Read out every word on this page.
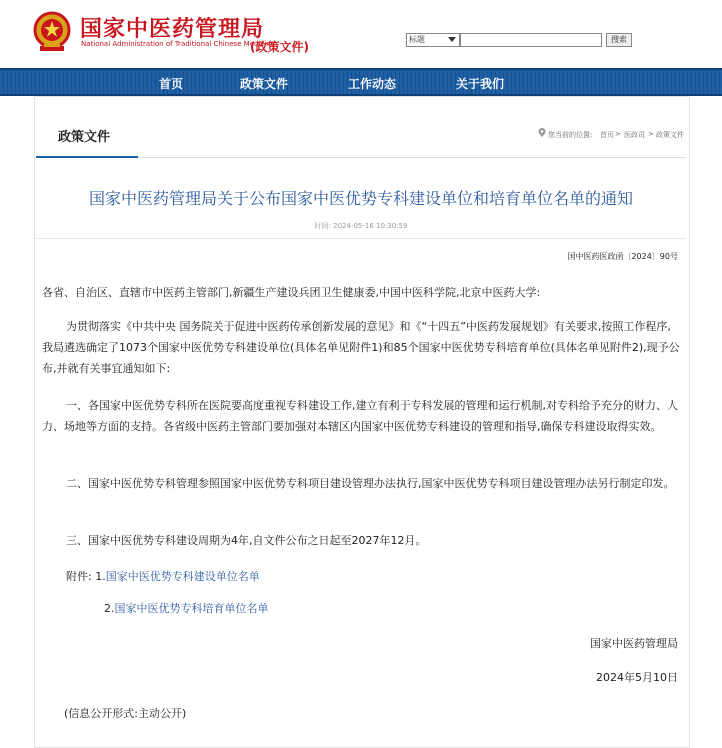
国家中医药管理局
National Administration of Traditional Chinese Medicine
(政策文件)
标题	搜索
首页	政策文件	工作动态	关于我们
政策文件	您当前的位置: 首页 > 医政司 > 政策文件
国家中医药管理局关于公布国家中医优势专科建设单位和培育单位名单的通知
时间: 2024-05-16 10:30:59
国中医药医政函〔2024〕90号
各省、自治区、直辖市中医药主管部门,新疆生产建设兵团卫生健康委,中国中医科学院,北京中医药大学:
为贯彻落实《中共中央 国务院关于促进中医药传承创新发展的意见》和《“十四五”中医药发展规划》有关要求,按照工作程序,我局遴选确定了1073个国家中医优势专科建设单位(具体名单见附件1)和85个国家中医优势专科培育单位(具体名单见附件2),现予公布,并就有关事宜通知如下:
一、各国家中医优势专科所在医院要高度重视专科建设工作,建立有利于专科发展的管理和运行机制,对专科给予充分的财力、人力、场地等方面的支持。各省级中医药主管部门要加强对本辖区内国家中医优势专科建设的管理和指导,确保专科建设取得实效。
二、国家中医优势专科管理参照国家中医优势专科项目建设管理办法执行,国家中医优势专科项目建设管理办法另行制定印发。
三、国家中医优势专科建设周期为4年,自文件公布之日起至2027年12月。
附件: 1.国家中医优势专科建设单位名单
2.国家中医优势专科培育单位名单
国家中医药管理局
2024年5月10日
(信息公开形式:主动公开)
